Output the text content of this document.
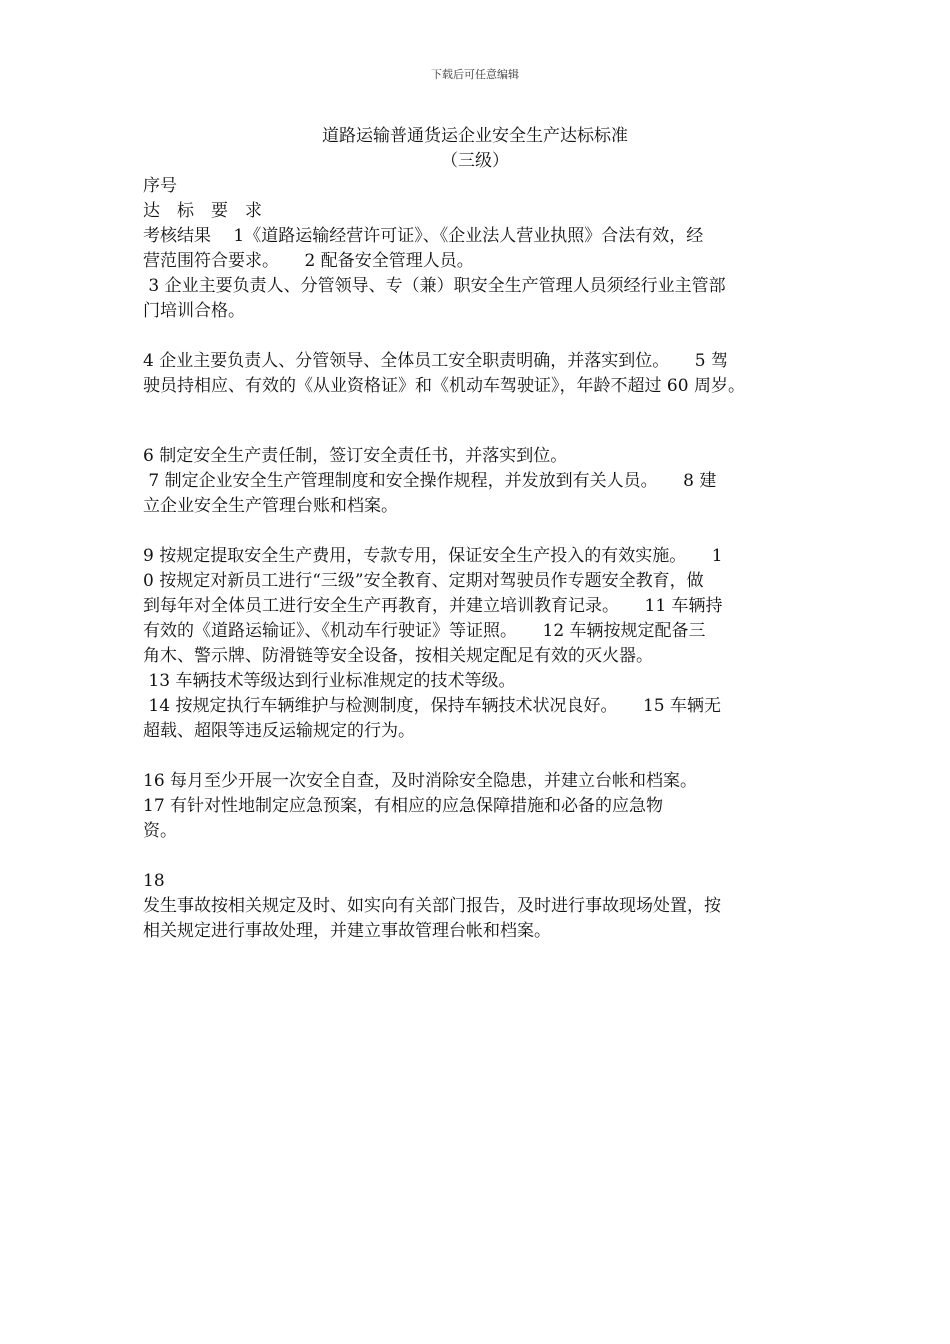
下载后可任意编辑
道路运输普通货运企业安全生产达标标准
（三级）
序号
达　标　要　求
考核结果　 1《道路运输经营许可证》、《企业法人营业执照》合法有效，经
营范围符合要求。　　2 配备安全管理人员。
3 企业主要负责人、分管领导、专（兼）职安全生产管理人员须经行业主管部
门培训合格。
4 企业主要负责人、分管领导、全体员工安全职责明确，并落实到位。　　5 驾
驶员持相应、有效的《从业资格证》和《机动车驾驶证》，年龄不超过 60 周岁。
6 制定安全生产责任制，签订安全责任书，并落实到位。
7 制定企业安全生产管理制度和安全操作规程，并发放到有关人员。　　8 建
立企业安全生产管理台账和档案。
9 按规定提取安全生产费用，专款专用，保证安全生产投入的有效实施。　　1
0 按规定对新员工进行“三级”安全教育、定期对驾驶员作专题安全教育，做
到每年对全体员工进行安全生产再教育，并建立培训教育记录。　　11 车辆持
有效的《道路运输证》、《机动车行驶证》等证照。　　12 车辆按规定配备三
角木、警示牌、防滑链等安全设备，按相关规定配足有效的灭火器。
13 车辆技术等级达到行业标准规定的技术等级。
14 按规定执行车辆维护与检测制度，保持车辆技术状况良好。　　15 车辆无
超载、超限等违反运输规定的行为。
16 每月至少开展一次安全自查，及时消除安全隐患，并建立台帐和档案。
17 有针对性地制定应急预案，有相应的应急保障措施和必备的应急物
资。
18
发生事故按相关规定及时、如实向有关部门报告，及时进行事故现场处置，按
相关规定进行事故处理，并建立事故管理台帐和档案。
